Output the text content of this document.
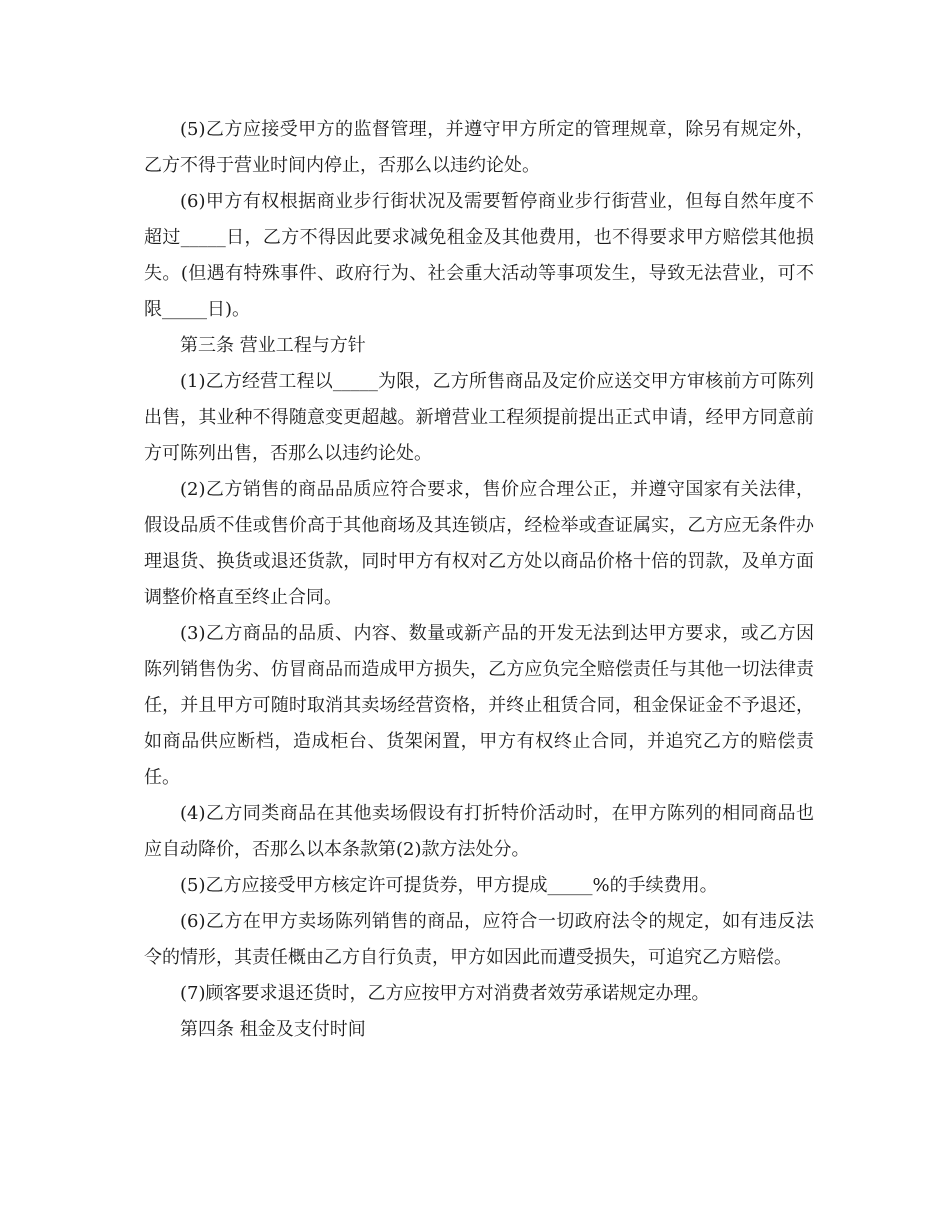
(5)乙方应接受甲方的监督管理，并遵守甲方所定的管理规章，除另有规定外，乙方不得于营业时间内停止，否那么以违约论处。

(6)甲方有权根据商业步行街状况及需要暂停商业步行街营业，但每自然年度不超过_____日，乙方不得因此要求减免租金及其他费用，也不得要求甲方赔偿其他损失。(但遇有特殊事件、政府行为、社会重大活动等事项发生，导致无法营业，可不限_____日)。

第三条 营业工程与方针

(1)乙方经营工程以_____为限，乙方所售商品及定价应送交甲方审核前方可陈列出售，其业种不得随意变更超越。新增营业工程须提前提出正式申请，经甲方同意前方可陈列出售，否那么以违约论处。

(2)乙方销售的商品品质应符合要求，售价应合理公正，并遵守国家有关法律，假设品质不佳或售价高于其他商场及其连锁店，经检举或查证属实，乙方应无条件办理退货、换货或退还货款，同时甲方有权对乙方处以商品价格十倍的罚款，及单方面调整价格直至终止合同。

(3)乙方商品的品质、内容、数量或新产品的开发无法到达甲方要求，或乙方因陈列销售伪劣、仿冒商品而造成甲方损失，乙方应负完全赔偿责任与其他一切法律责任，并且甲方可随时取消其卖场经营资格，并终止租赁合同，租金保证金不予退还，如商品供应断档，造成柜台、货架闲置，甲方有权终止合同，并追究乙方的赔偿责任。

(4)乙方同类商品在其他卖场假设有打折特价活动时，在甲方陈列的相同商品也应自动降价，否那么以本条款第(2)款方法处分。

(5)乙方应接受甲方核定许可提货券，甲方提成_____%的手续费用。

(6)乙方在甲方卖场陈列销售的商品，应符合一切政府法令的规定，如有违反法令的情形，其责任概由乙方自行负责，甲方如因此而遭受损失，可追究乙方赔偿。

(7)顾客要求退还货时，乙方应按甲方对消费者效劳承诺规定办理。

第四条 租金及支付时间
